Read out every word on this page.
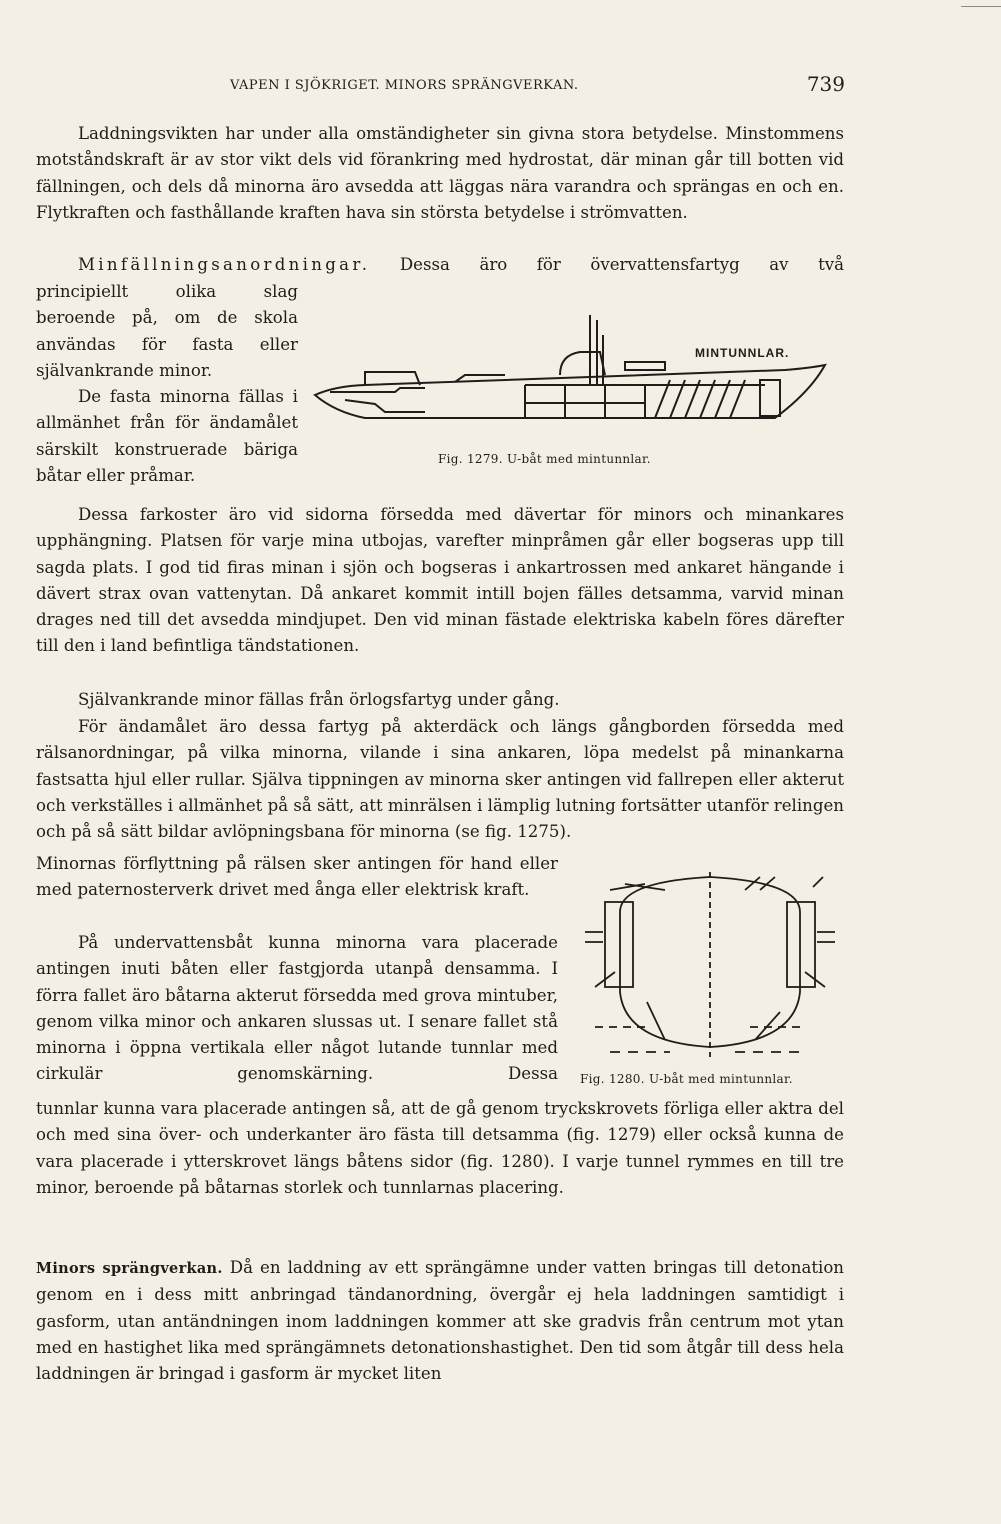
VAPEN I SJÖKRIGET. MINORS SPRÄNGVERKAN.	739
Laddningsvikten har under alla omständigheter sin givna stora betydelse. Minstommens motståndskraft är av stor vikt dels vid förankring med hydrostat, där minan går till botten vid fällningen, och dels då minorna äro avsedda att läggas nära varandra och sprängas en och en. Flytkraften och fasthållande kraften hava sin största betydelse i strömvatten.
Minfällningsanordningar. Dessa äro för övervattensfartyg av två
principiellt olika slag beroende på, om de skola användas för fasta eller självankrande minor.
De fasta minorna fällas i allmänhet från för ändamålet särskilt konstruerade bäriga båtar eller pråmar.
MINTUNNLAR.
Fig. 1279. U-båt med mintunnlar.
Dessa farkoster äro vid sidorna försedda med dävertar för minors och minankares upphängning. Platsen för varje mina utbojas, varefter minpråmen går eller bogseras upp till sagda plats. I god tid firas minan i sjön och bogseras i ankartrossen med ankaret hängande i dävert strax ovan vattenytan. Då ankaret kommit intill bojen fälles detsamma, varvid minan drages ned till det avsedda mindjupet. Den vid minan fästade elektriska kabeln föres därefter till den i land befintliga tändstationen.
Självankrande minor fällas från örlogsfartyg under gång.
För ändamålet äro dessa fartyg på akterdäck och längs gångborden försedda med rälsanordningar, på vilka minorna, vilande i sina ankaren, löpa medelst på minankarna fastsatta hjul eller rullar. Själva tippningen av minorna sker antingen vid fallrepen eller akterut och verkställes i allmänhet på så sätt, att minrälsen i lämplig lutning fortsätter utanför relingen och på så sätt bildar avlöpningsbana för minorna (se fig. 1275).
Minornas förflyttning på rälsen sker antingen för hand eller med paternosterverk drivet med ånga eller elektrisk kraft.
På undervattensbåt kunna minorna vara placerade antingen inuti båten eller fastgjorda utanpå densamma. I förra fallet äro båtarna akterut försedda med grova mintuber, genom vilka minor och ankaren slussas ut. I senare fallet stå minorna i öppna vertikala eller något lutande tunnlar med cirkulär genomskärning. Dessa Fig. 1280. U-båt med mintunnlar.
tunnlar kunna vara placerade antingen så, att de gå genom tryckskrovets förliga eller aktra del och med sina över- och underkanter äro fästa till detsamma (fig. 1279) eller också kunna de vara placerade i ytterskrovet längs båtens sidor (fig. 1280). I varje tunnel rymmes en till tre minor, beroende på båtarnas storlek och tunnlarnas placering.
Minors sprängverkan. Då en laddning av ett sprängämne under vatten bringas till detonation genom en i dess mitt anbringad tändanordning, övergår ej hela laddningen samtidigt i gasform, utan antändningen inom laddningen kommer att ske gradvis från centrum mot ytan med en hastighet lika med sprängämnets detonationshastighet. Den tid som åtgår till dess hela laddningen är bringad i gasform är mycket liten
